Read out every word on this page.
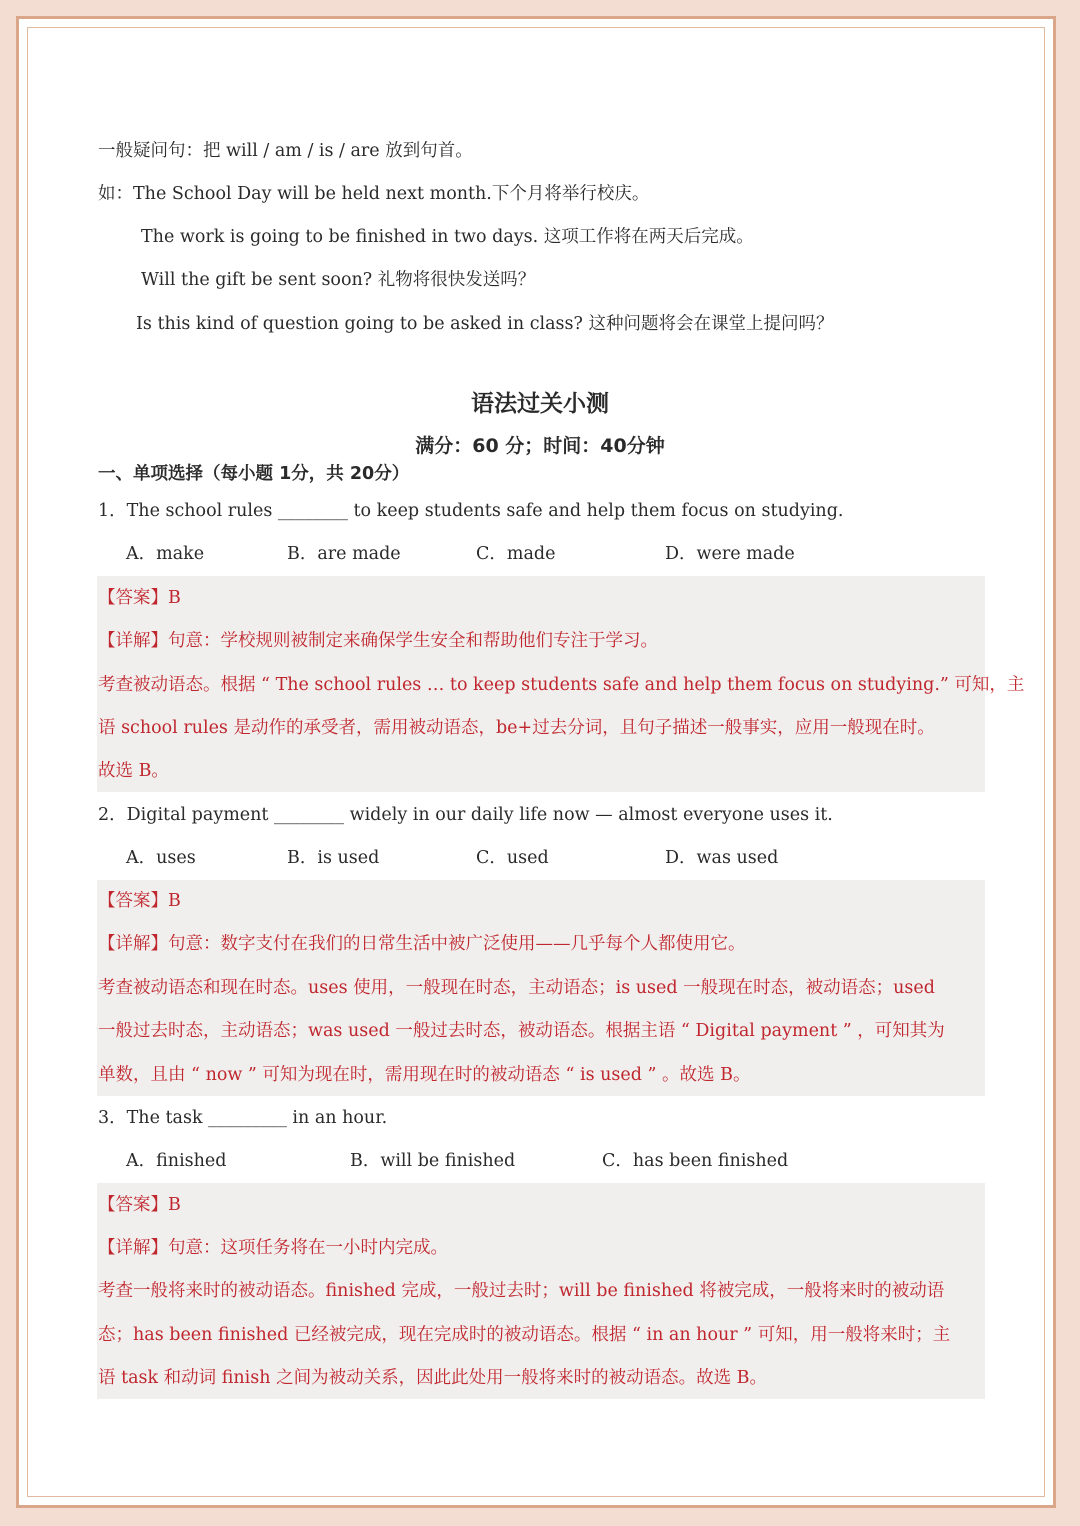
一般疑问句：把 will / am / is / are 放到句首。
如：The School Day will be held next month.下个月将举行校庆。
The work is going to be finished in two days. 这项工作将在两天后完成。
Will the gift be sent soon? 礼物将很快发送吗？
Is this kind of question going to be asked in class? 这种问题将会在课堂上提问吗？
语法过关小测
满分：60 分；时间：40分钟
一、单项选择（每小题 1分，共 20分）
1．The school rules ________ to keep students safe and help them focus on studying.
A．make	B．are made	C．made	D．were made
【答案】B
【详解】句意：学校规则被制定来确保学生安全和帮助他们专注于学习。
考查被动语态。根据 “ The school rules … to keep students safe and help them focus on studying.” 可知，主
语 school rules 是动作的承受者，需用被动语态，be+过去分词，且句子描述一般事实，应用一般现在时。
故选 B。
2．Digital payment ________ widely in our daily life now — almost everyone uses it.
A．uses	B．is used	C．used	D．was used
【答案】B
【详解】句意：数字支付在我们的日常生活中被广泛使用——几乎每个人都使用它。
考查被动语态和现在时态。uses 使用，一般现在时态，主动语态；is used 一般现在时态，被动语态；used
一般过去时态，主动语态；was used 一般过去时态，被动语态。根据主语 “ Digital payment ” ，可知其为
单数，且由 “ now ” 可知为现在时，需用现在时的被动语态 “ is used ” 。故选 B。
3．The task _________ in an hour.
A．finished	B．will be finished	C．has been finished
【答案】B
【详解】句意：这项任务将在一小时内完成。
考查一般将来时的被动语态。finished 完成，一般过去时；will be finished 将被完成，一般将来时的被动语
态；has been finished 已经被完成，现在完成时的被动语态。根据 “ in an hour ” 可知，用一般将来时；主
语 task 和动词 finish 之间为被动关系，因此此处用一般将来时的被动语态。故选 B。
